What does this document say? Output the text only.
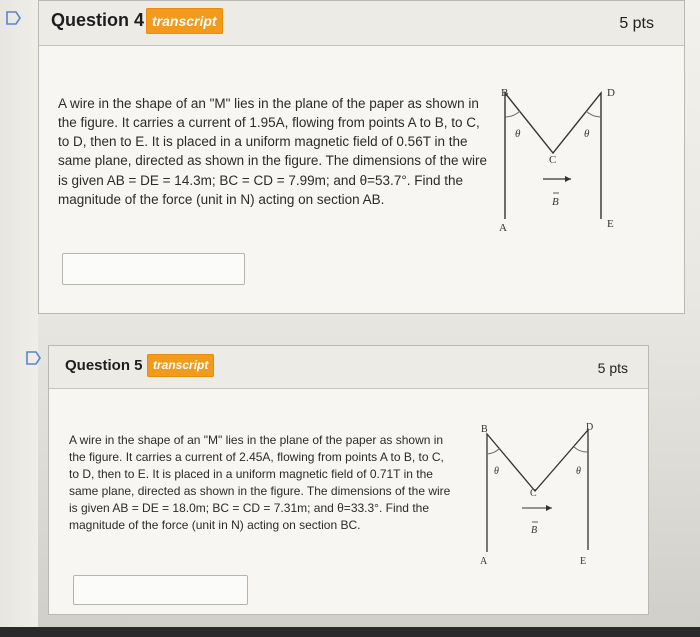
Question 4 transcript	5 pts
A wire in the shape of an "M" lies in the plane of the paper as shown in
the figure. It carries a current of 1.95A, flowing from points A to B, to C,
to D, then to E. It is placed in a uniform magnetic field of 0.56T in the
same plane, directed as shown in the figure. The dimensions of the wire
is given AB = DE = 14.3m; BC = CD = 7.99m; and θ=53.7°. Find the
magnitude of the force (unit in N) acting on section AB.
A
B
C
D
E
θ	θ
B
Question 5 transcript	5 pts
A wire in the shape of an "M" lies in the plane of the paper as shown in
the figure. It carries a current of 2.45A, flowing from points A to B, to C,
to D, then to E. It is placed in a uniform magnetic field of 0.71T in the
same plane, directed as shown in the figure. The dimensions of the wire
is given AB = DE = 18.0m; BC = CD = 7.31m; and θ=33.3°. Find the
magnitude of the force (unit in N) acting on section BC.
A
B
C
D
E
θ	θ
B
